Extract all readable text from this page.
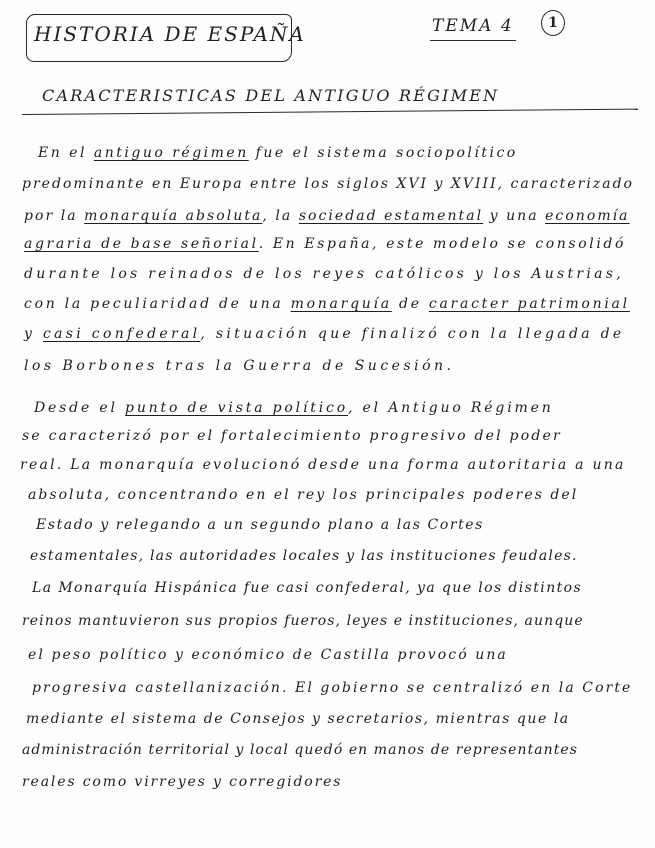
HISTORIA DE ESPAÑA	TEMA 4	1
CARACTERISTICAS DEL ANTIGUO RÉGIMEN
En el antiguo régimen fue el sistema sociopolítico
predominante en Europa entre los siglos XVI y XVIII, caracterizado
por la monarquía absoluta, la sociedad estamental y una economía
agraria de base señorial. En España, este modelo se consolidó
durante los reinados de los reyes católicos y los Austrias,
con la peculiaridad de una monarquía de caracter patrimonial
y casi confederal, situación que finalizó con la llegada de
los Borbones tras la Guerra de Sucesión.
Desde el punto de vista político, el Antiguo Régimen
se caracterizó por el fortalecimiento progresivo del poder
real. La monarquía evolucionó desde una forma autoritaria a una
absoluta, concentrando en el rey los principales poderes del
Estado y relegando a un segundo plano a las Cortes
estamentales, las autoridades locales y las instituciones feudales.
La Monarquía Hispánica fue casi confederal, ya que los distintos
reinos mantuvieron sus propios fueros, leyes e instituciones, aunque
el peso político y económico de Castilla provocó una
progresiva castellanización. El gobierno se centralizó en la Corte
mediante el sistema de Consejos y secretarios, mientras que la
administración territorial y local quedó en manos de representantes
reales como virreyes y corregidores
